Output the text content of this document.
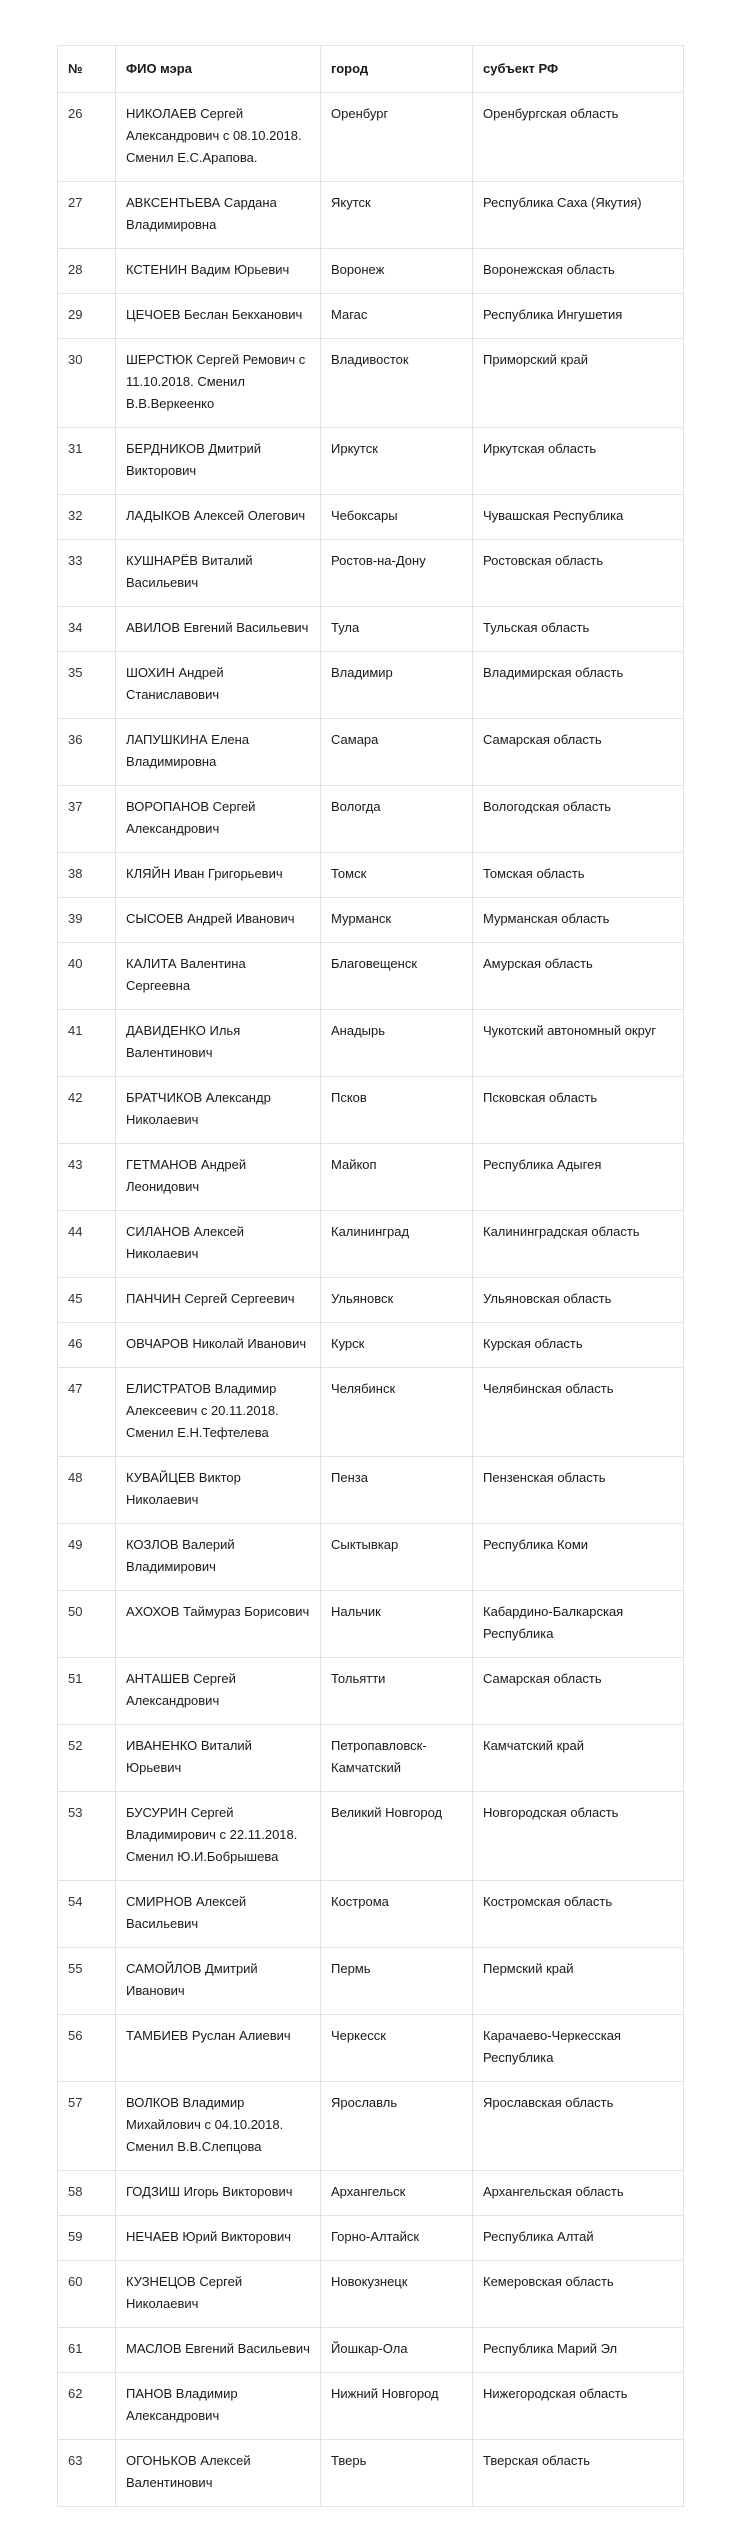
№	ФИО мэра	город	субъект РФ
26	НИКОЛАЕВ Сергей Александрович с 08.10.2018. Сменил Е.С.Арапова.	Оренбург	Оренбургская область
27	АВКСЕНТЬЕВА Сардана Владимировна	Якутск	Республика Саха (Якутия)
28	КСТЕНИН Вадим Юрьевич	Воронеж	Воронежская область
29	ЦЕЧОЕВ Беслан Бекханович	Магас	Республика Ингушетия
30	ШЕРСТЮК Сергей Ремович с 11.10.2018. Сменил В.В.Веркеенко	Владивосток	Приморский край
31	БЕРДНИКОВ Дмитрий Викторович	Иркутск	Иркутская область
32	ЛАДЫКОВ Алексей Олегович	Чебоксары	Чувашская Республика
33	КУШНАРЁВ Виталий Васильевич	Ростов-на-Дону	Ростовская область
34	АВИЛОВ Евгений Васильевич	Тула	Тульская область
35	ШОХИН Андрей Станиславович	Владимир	Владимирская область
36	ЛАПУШКИНА Елена Владимировна	Самара	Самарская область
37	ВОРОПАНОВ Сергей Александрович	Вологда	Вологодская область
38	КЛЯЙН Иван Григорьевич	Томск	Томская область
39	СЫСОЕВ Андрей Иванович	Мурманск	Мурманская область
40	КАЛИТА Валентина Сергеевна	Благовещенск	Амурская область
41	ДАВИДЕНКО Илья Валентинович	Анадырь	Чукотский автономный округ
42	БРАТЧИКОВ Александр Николаевич	Псков	Псковская область
43	ГЕТМАНОВ Андрей Леонидович	Майкоп	Республика Адыгея
44	СИЛАНОВ Алексей Николаевич	Калининград	Калининградская область
45	ПАНЧИН Сергей Сергеевич	Ульяновск	Ульяновская область
46	ОВЧАРОВ Николай Иванович	Курск	Курская область
47	ЕЛИСТРАТОВ Владимир Алексеевич с 20.11.2018. Сменил Е.Н.Тефтелева	Челябинск	Челябинская область
48	КУВАЙЦЕВ Виктор Николаевич	Пенза	Пензенская область
49	КОЗЛОВ Валерий Владимирович	Сыктывкар	Республика Коми
50	АХОХОВ Таймураз Борисович	Нальчик	Кабардино-Балкарская Республика
51	АНТАШЕВ Сергей Александрович	Тольятти	Самарская область
52	ИВАНЕНКО Виталий Юрьевич	Петропавловск-Камчатский	Камчатский край
53	БУСУРИН Сергей Владимирович с 22.11.2018. Сменил Ю.И.Бобрышева	Великий Новгород	Новгородская область
54	СМИРНОВ Алексей Васильевич	Кострома	Костромская область
55	САМОЙЛОВ Дмитрий Иванович	Пермь	Пермский край
56	ТАМБИЕВ Руслан Алиевич	Черкесск	Карачаево-Черкесская Республика
57	ВОЛКОВ Владимир Михайлович с 04.10.2018. Сменил В.В.Слепцова	Ярославль	Ярославская область
58	ГОДЗИШ Игорь Викторович	Архангельск	Архангельская область
59	НЕЧАЕВ Юрий Викторович	Горно-Алтайск	Республика Алтай
60	КУЗНЕЦОВ Сергей Николаевич	Новокузнецк	Кемеровская область
61	МАСЛОВ Евгений Васильевич	Йошкар-Ола	Республика Марий Эл
62	ПАНОВ Владимир Александрович	Нижний Новгород	Нижегородская область
63	ОГОНЬКОВ Алексей Валентинович	Тверь	Тверская область
